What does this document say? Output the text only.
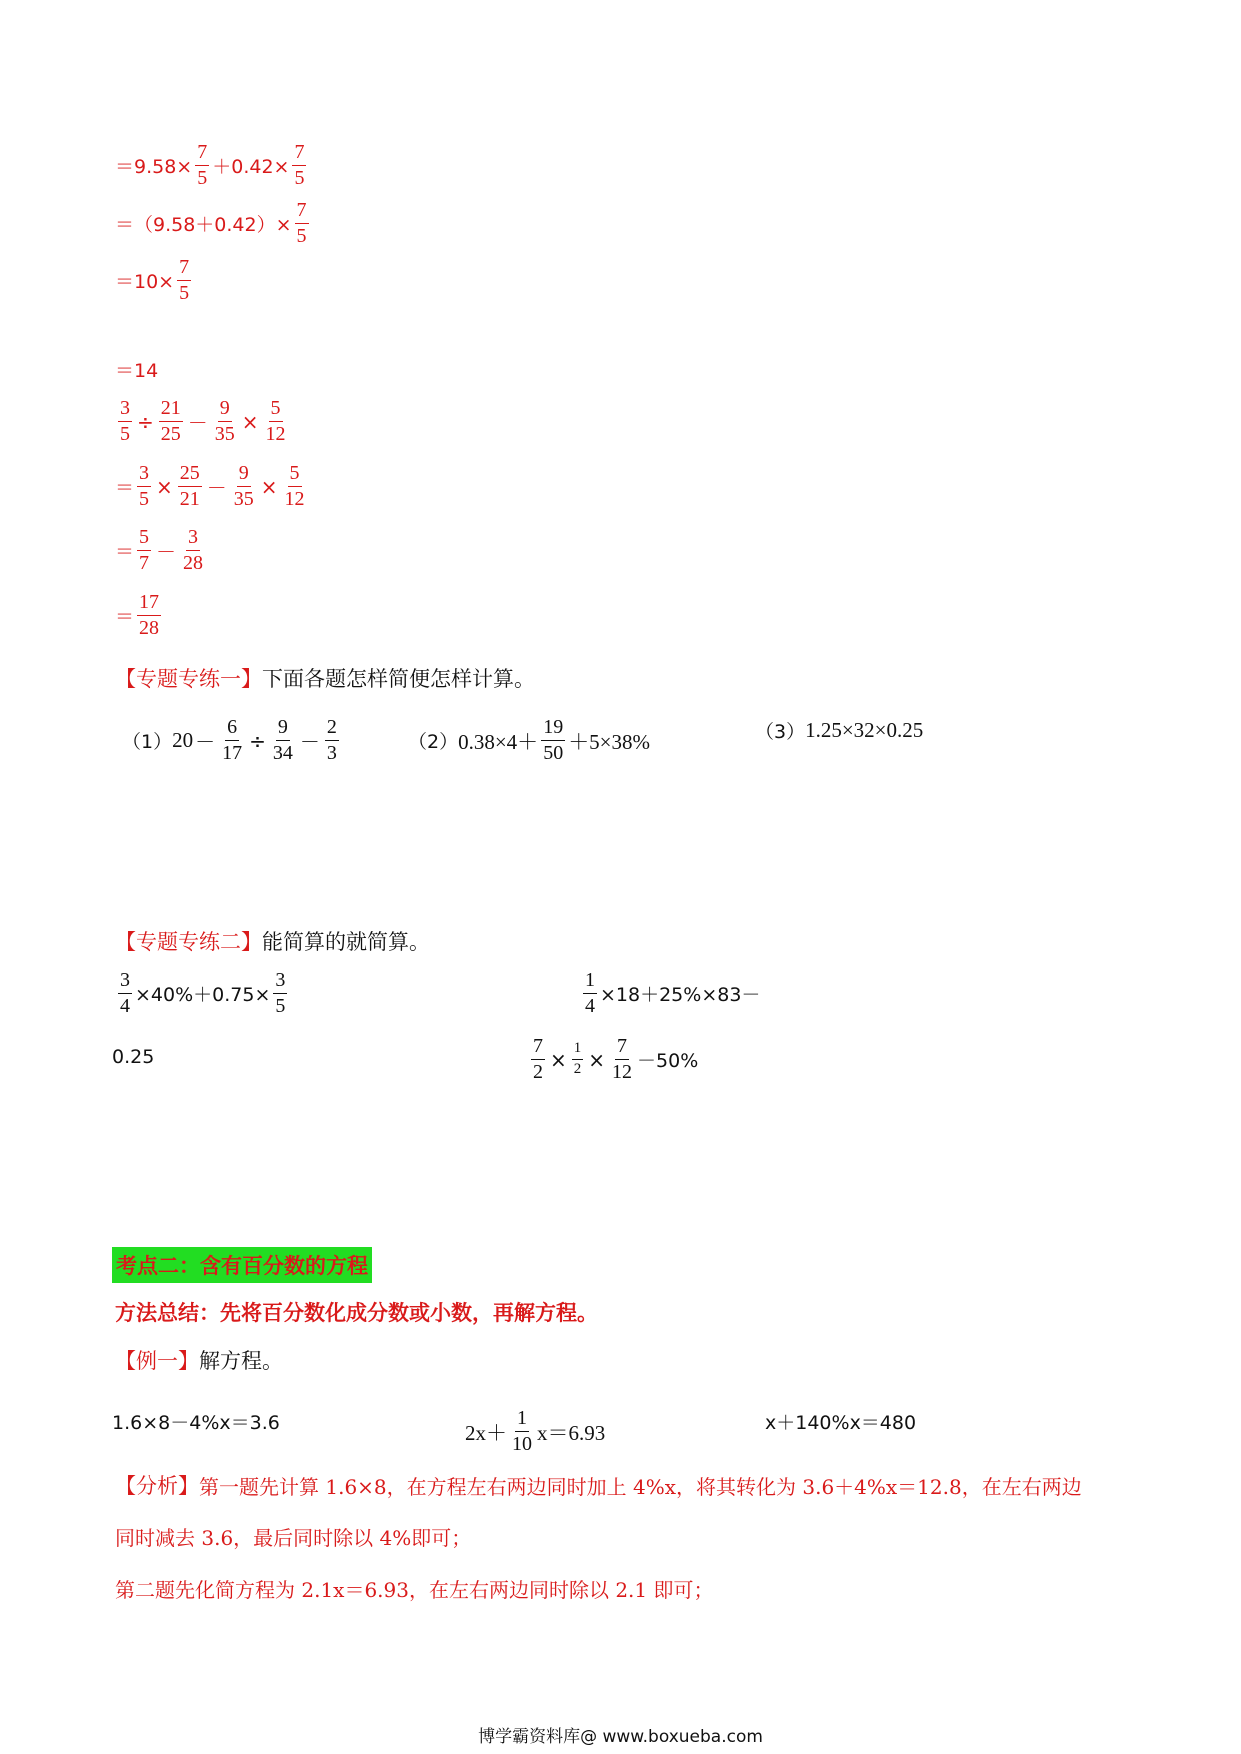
$=9.58\times \frac{7}{5} +0.42\times \frac{7}{5}$
$=(9.58+0.42)\times \frac{7}{5}$
$=10\times \frac{7}{5}$
＝14
$\frac{3}{5} \div \frac{21}{25} - \frac{9}{35} \times \frac{5}{12}$
＝ $\frac{3}{5} \times \frac{25}{21} - \frac{9}{35} \times \frac{5}{12}$
＝ $\frac{5}{7} - \frac{3}{28}$
＝ $\frac{17}{28}$
【专题专练一】 下面各题怎样简便怎样计算。
（1） $20 - \frac{6}{17} \div \frac{9}{34} - \frac{2}{3}$	（2） $0.38\times 4+ \frac{19}{50} +5\times 38\%$	（3） 1.25×32×0.25
【专题专练二】 能简算的就简算。
$\frac{3}{4} \times 40\%+0.75\times \frac{3}{5}$	$\frac{1}{4} \times 18+25\%\times 83-$
0.25	$\frac{7}{2} \times \frac{1}{2} \times \frac{7}{12} -50\%$
考点二：含有百分数的方程
方法总结：先将百分数化成分数或小数，再解方程。
【例一】 解方程。
1.6×8－4%x＝3.6	$2x+ \frac{1}{10} x=6.93$	x＋140%x＝480
【分析】 第一题先计算 1.6×8，在方程左右两边同时加上 4%x，将其转化为 3.6＋4%x＝12.8，在左右两边
同时减去 3.6，最后同时除以 4%即可；
第二题先化简方程为 2.1x＝6.93，在左右两边同时除以 2.1 即可；
博学霸资料库@ www.boxueba.com
